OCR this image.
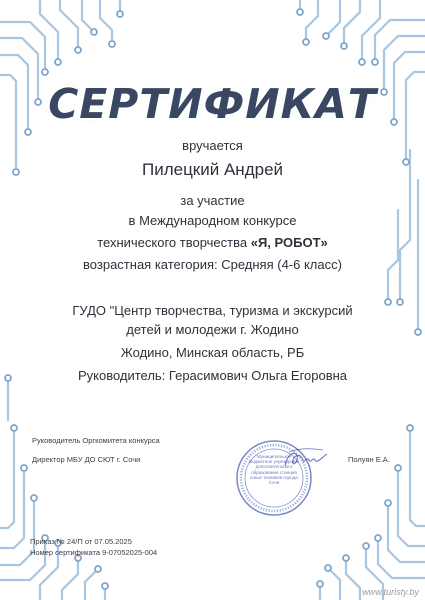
СЕРТИФИКАТ
вручается
Пилецкий Андрей
за участие
в Международном конкурсе
технического творчества «Я, РОБОТ»
возрастная категория: Средняя (4-6 класс)
ГУДО "Центр творчества, туризма и экскурсий
детей и молодежи г. Жодино
Жодино, Минская область, РБ
Руководитель: Герасимович Ольга Егоровна
Руководитель Оргкомитета конкурса
Директор МБУ ДО СЮТ г. Сочи	Полуян Е.А.
Муниципальное бюджетное учреждение дополнительного образования станция юных техников города Сочи
Приказ № 24/П от 07.05.2025
Номер сертификата 9-07052025-004
www.turisty.by
